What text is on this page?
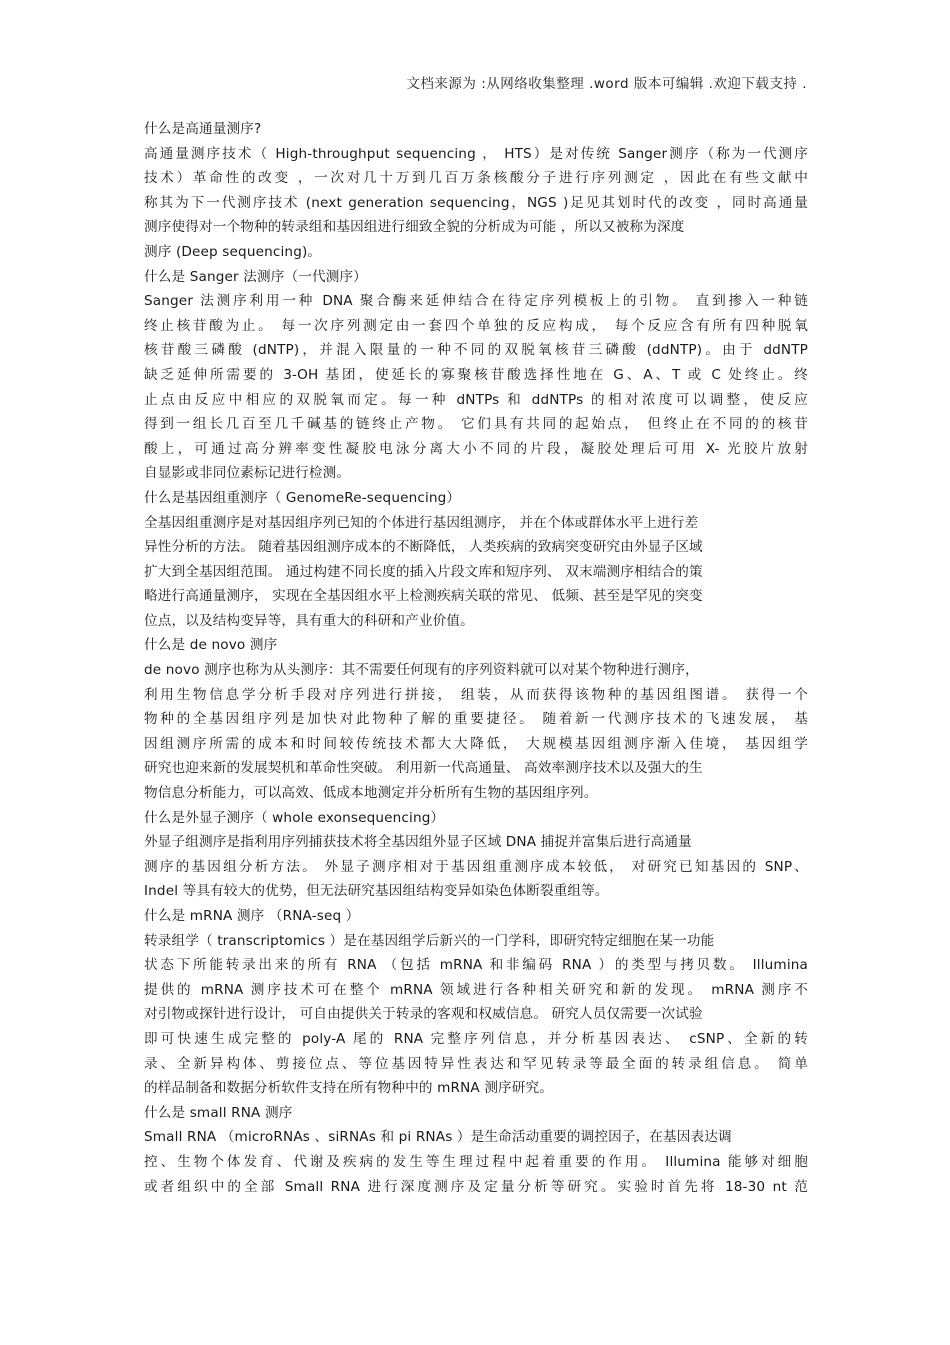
文档来源为 :从网络收集整理 .word 版本可编辑 .欢迎下载支持 .
什么是高通量测序?
高通量测序技术（ High-throughput sequencing ， HTS）是对传统 Sanger测序（称为一代测序
技术）革命性的改变 ，一次对几十万到几百万条核酸分子进行序列测定 ，因此在有些文献中
称其为下一代测序技术 (next generation sequencing，NGS )足见其划时代的改变 ，同时高通量
测序使得对一个物种的转录组和基因组进行细致全貌的分析成为可能 ，所以又被称为深度
测序 (Deep sequencing)。
什么是 Sanger 法测序（一代测序）
Sanger 法测序利用一种 DNA 聚合酶来延伸结合在待定序列模板上的引物。 直到掺入一种链
终止核苷酸为止。 每一次序列测定由一套四个单独的反应构成， 每个反应含有所有四种脱氧
核苷酸三磷酸 (dNTP)，并混入限量的一种不同的双脱氧核苷三磷酸 (ddNTP)。由于 ddNTP
缺乏延伸所需要的 3-OH 基团，使延长的寡聚核苷酸选择性地在 G、A、T 或 C 处终止。终
止点由反应中相应的双脱氧而定。每一种 dNTPs 和 ddNTPs 的相对浓度可以调整，使反应
得到一组长几百至几千碱基的链终止产物。 它们具有共同的起始点， 但终止在不同的的核苷
酸上，可通过高分辨率变性凝胶电泳分离大小不同的片段，凝胶处理后可用 X- 光胶片放射
自显影或非同位素标记进行检测。
什么是基因组重测序（ GenomeRe-sequencing）
全基因组重测序是对基因组序列已知的个体进行基因组测序， 并在个体或群体水平上进行差
异性分析的方法。 随着基因组测序成本的不断降低， 人类疾病的致病突变研究由外显子区域
扩大到全基因组范围。 通过构建不同长度的插入片段文库和短序列、 双末端测序相结合的策
略进行高通量测序， 实现在全基因组水平上检测疾病关联的常见、 低频、甚至是罕见的突变
位点，以及结构变异等，具有重大的科研和产业价值。
什么是 de novo 测序
de novo 测序也称为从头测序：其不需要任何现有的序列资料就可以对某个物种进行测序，
利用生物信息学分析手段对序列进行拼接， 组装，从而获得该物种的基因组图谱。 获得一个
物种的全基因组序列是加快对此物种了解的重要捷径。 随着新一代测序技术的飞速发展， 基
因组测序所需的成本和时间较传统技术都大大降低， 大规模基因组测序渐入佳境， 基因组学
研究也迎来新的发展契机和革命性突破。 利用新一代高通量、 高效率测序技术以及强大的生
物信息分析能力，可以高效、低成本地测定并分析所有生物的基因组序列。
什么是外显子测序（ whole exonsequencing）
外显子组测序是指利用序列捕获技术将全基因组外显子区域 DNA 捕捉并富集后进行高通量
测序的基因组分析方法。 外显子测序相对于基因组重测序成本较低， 对研究已知基因的 SNP、
Indel 等具有较大的优势，但无法研究基因组结构变异如染色体断裂重组等。
什么是 mRNA 测序 （RNA-seq ）
转录组学（ transcriptomics ）是在基因组学后新兴的一门学科，即研究特定细胞在某一功能
状态下所能转录出来的所有 RNA （包括 mRNA 和非编码 RNA ）的类型与拷贝数。 Illumina
提供的 mRNA 测序技术可在整个 mRNA 领域进行各种相关研究和新的发现。 mRNA 测序不
对引物或探针进行设计， 可自由提供关于转录的客观和权威信息。 研究人员仅需要一次试验
即可快速生成完整的 poly-A 尾的 RNA 完整序列信息，并分析基因表达、 cSNP、全新的转
录、全新异构体、剪接位点、等位基因特异性表达和罕见转录等最全面的转录组信息。 简单
的样品制备和数据分析软件支持在所有物种中的 mRNA 测序研究。
什么是 small RNA 测序
Small RNA （microRNAs 、siRNAs 和 pi RNAs ）是生命活动重要的调控因子，在基因表达调
控、生物个体发育、代谢及疾病的发生等生理过程中起着重要的作用。 Illumina 能够对细胞
或者组织中的全部 Small RNA 进行深度测序及定量分析等研究。实验时首先将 18-30 nt 范
